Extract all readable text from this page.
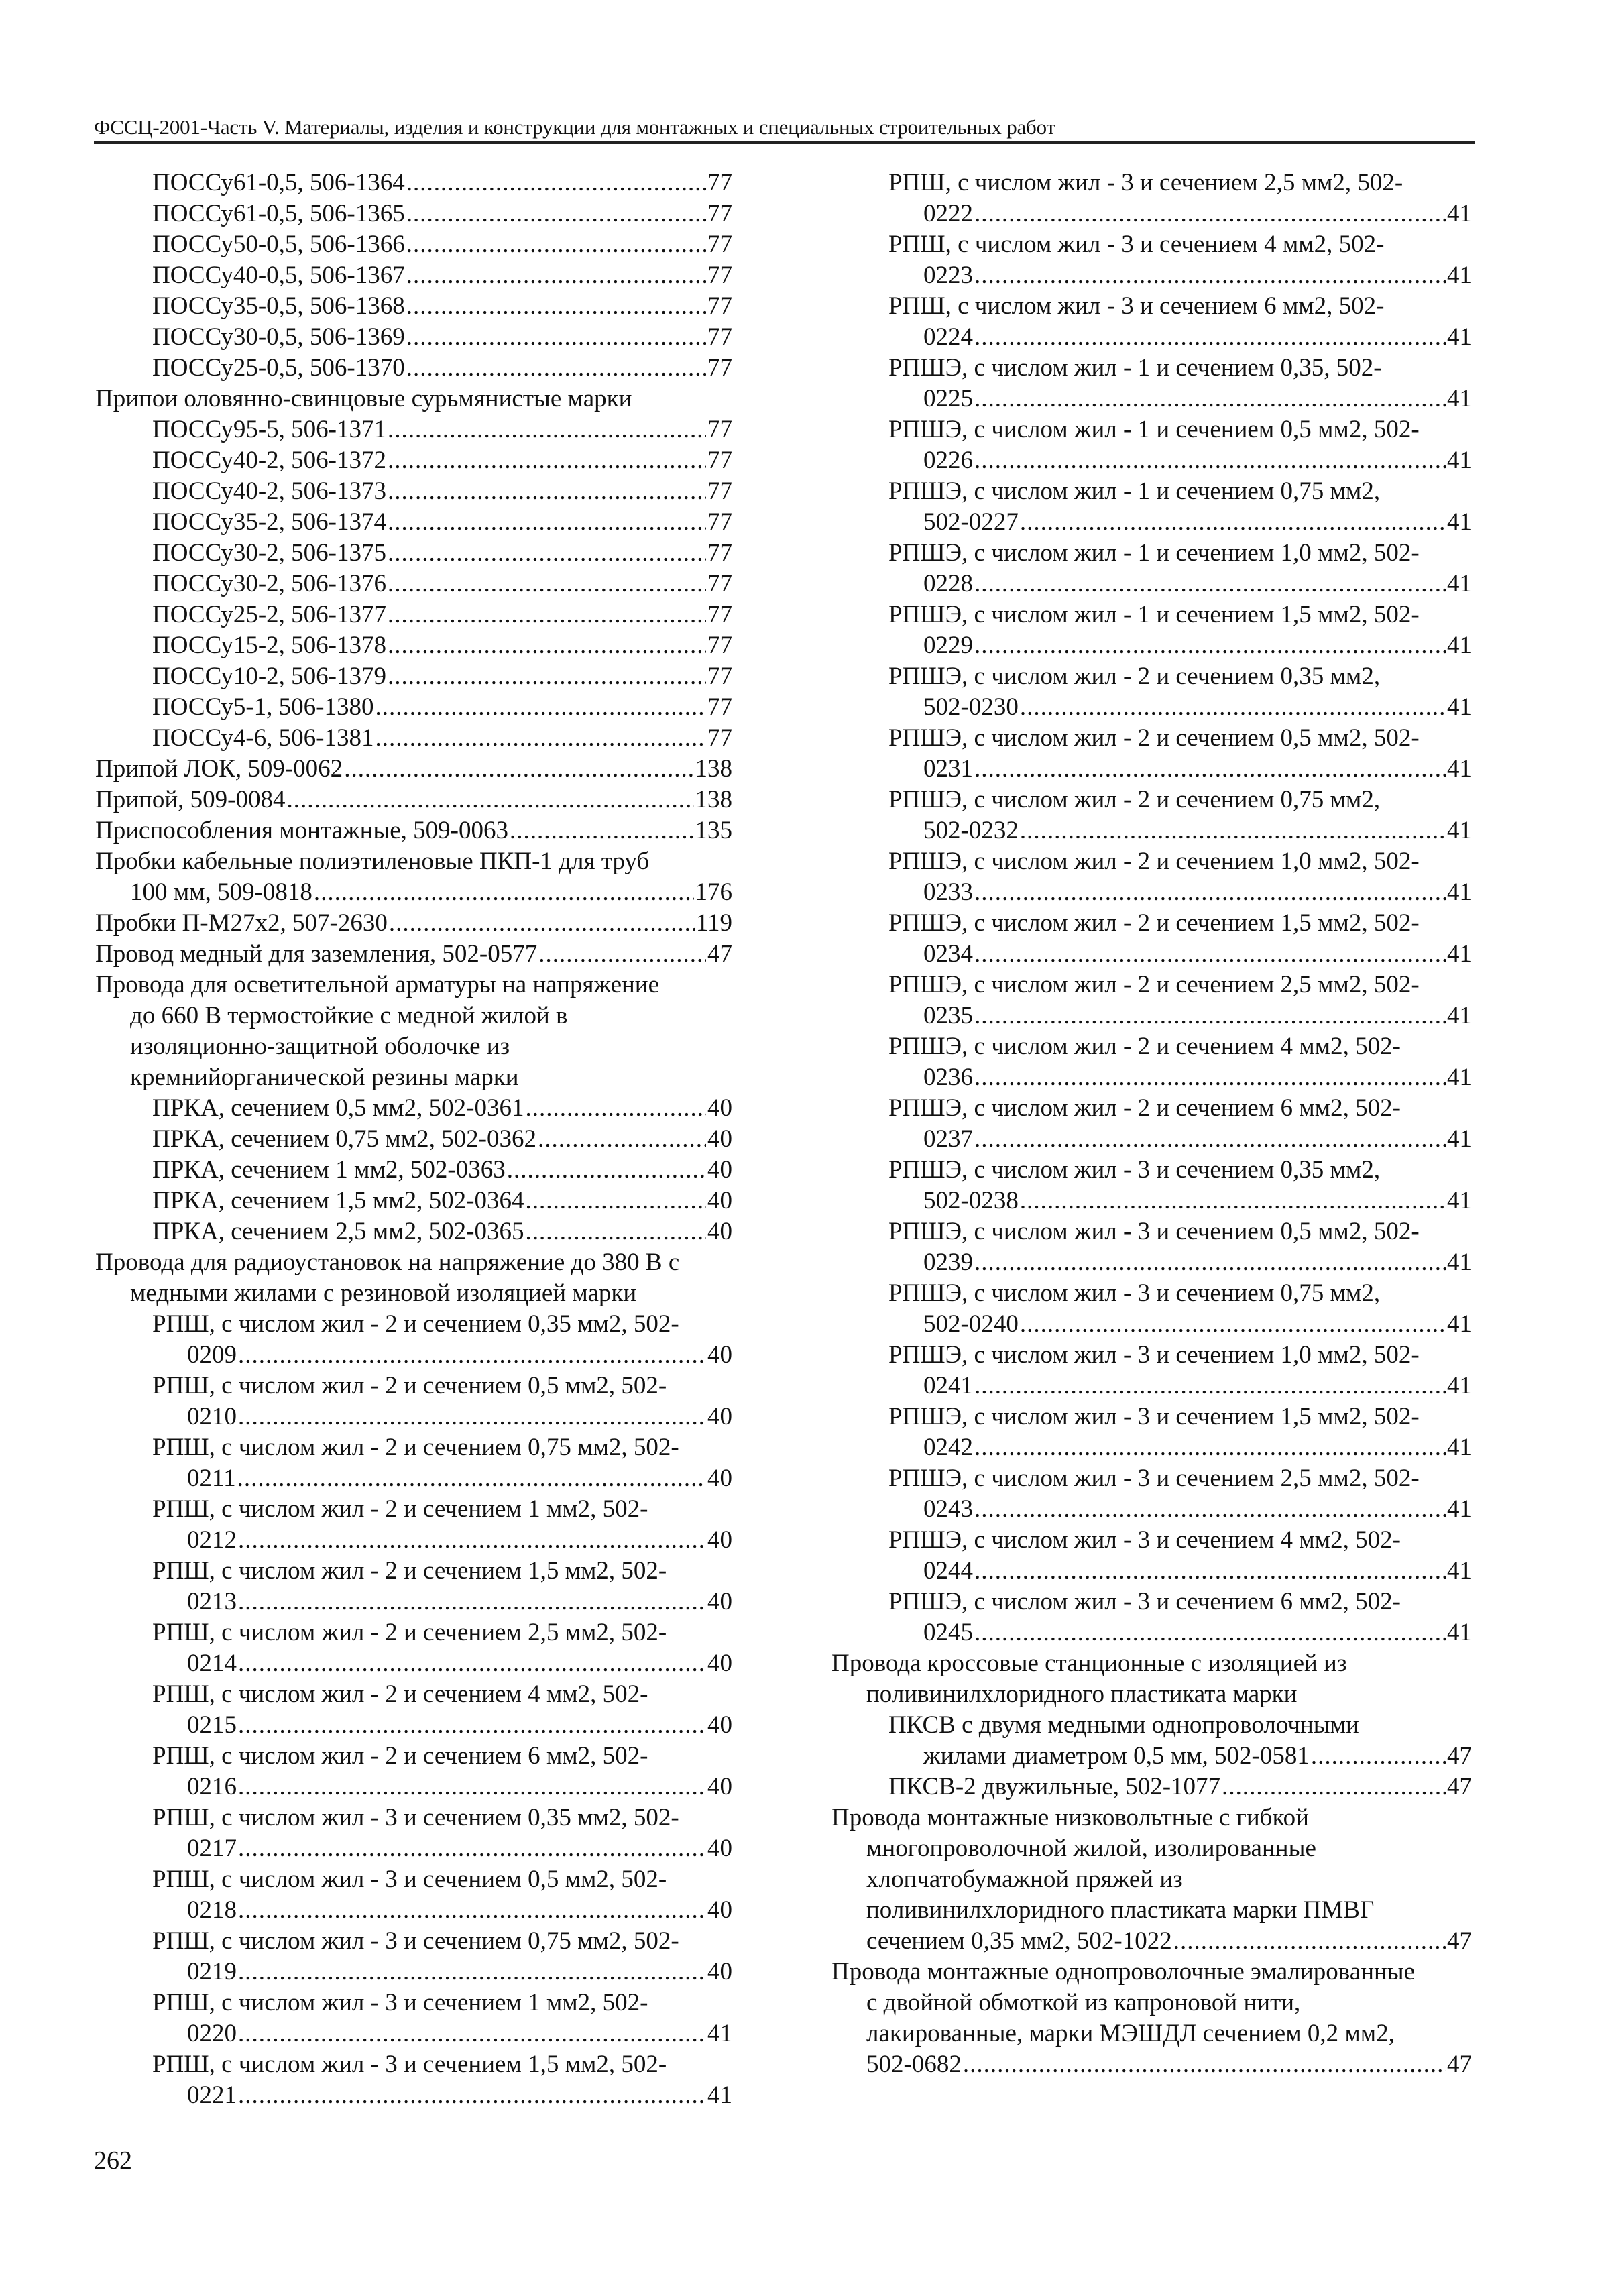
ФССЦ-2001-Часть V. Материалы, изделия и конструкции для монтажных и специальных строительных работ
ПОССу61-0,5, 506-1364 .....	77
ПОССу61-0,5, 506-1365 .....	77
ПОССу50-0,5, 506-1366 .....	77
ПОССу40-0,5, 506-1367 .....	77
ПОССу35-0,5, 506-1368 .....	77
ПОССу30-0,5, 506-1369 .....	77
ПОССу25-0,5, 506-1370 .....	77
Припои оловянно-свинцовые сурьмянистые марки
ПОССу95-5, 506-1371 .....	77
ПОССу40-2, 506-1372 .....	77
ПОССу40-2, 506-1373 .....	77
ПОССу35-2, 506-1374 .....	77
ПОССу30-2, 506-1375 .....	77
ПОССу30-2, 506-1376 .....	77
ПОССу25-2, 506-1377 .....	77
ПОССу15-2, 506-1378 .....	77
ПОССу10-2, 506-1379 .....	77
ПОССу5-1, 506-1380 .....	77
ПОССу4-6, 506-1381 .....	77
Припой ЛОК, 509-0062 .....	138
Припой, 509-0084 .....	138
Приспособления монтажные, 509-0063 .....	135
Пробки кабельные полиэтиленовые ПКП-1 для труб
100 мм, 509-0818 .....	176
Пробки П-М27х2, 507-2630 .....	119
Провод медный для заземления, 502-0577 .....	47
Провода для осветительной арматуры на напряжение
до 660 В термостойкие с медной жилой в
изоляционно-защитной оболочке из
кремнийорганической резины марки
ПРКА, сечением 0,5 мм2, 502-0361 .....	40
ПРКА, сечением 0,75 мм2, 502-0362 .....	40
ПРКА, сечением 1 мм2, 502-0363 .....	40
ПРКА, сечением 1,5 мм2, 502-0364 .....	40
ПРКА, сечением 2,5 мм2, 502-0365 .....	40
Провода для радиоустановок на напряжение до 380 В с
медными жилами с резиновой изоляцией марки
РПШ, с числом жил - 2 и сечением 0,35 мм2, 502-
0209 .....	40
РПШ, с числом жил - 2 и сечением 0,5 мм2, 502-
0210 .....	40
РПШ, с числом жил - 2 и сечением 0,75 мм2, 502-
0211 .....	40
РПШ, с числом жил - 2 и сечением 1 мм2, 502-
0212 .....	40
РПШ, с числом жил - 2 и сечением 1,5 мм2, 502-
0213 .....	40
РПШ, с числом жил - 2 и сечением 2,5 мм2, 502-
0214 .....	40
РПШ, с числом жил - 2 и сечением 4 мм2, 502-
0215 .....	40
РПШ, с числом жил - 2 и сечением 6 мм2, 502-
0216 .....	40
РПШ, с числом жил - 3 и сечением 0,35 мм2, 502-
0217 .....	40
РПШ, с числом жил - 3 и сечением 0,5 мм2, 502-
0218 .....	40
РПШ, с числом жил - 3 и сечением 0,75 мм2, 502-
0219 .....	40
РПШ, с числом жил - 3 и сечением 1 мм2, 502-
0220 .....	41
РПШ, с числом жил - 3 и сечением 1,5 мм2, 502-
0221 .....	41
РПШ, с числом жил - 3 и сечением 2,5 мм2, 502-
0222 .....	41
РПШ, с числом жил - 3 и сечением 4 мм2, 502-
0223 .....	41
РПШ, с числом жил - 3 и сечением 6 мм2, 502-
0224 .....	41
РПШЭ, с числом жил - 1 и сечением 0,35, 502-
0225 .....	41
РПШЭ, с числом жил - 1 и сечением 0,5 мм2, 502-
0226 .....	41
РПШЭ, с числом жил - 1 и сечением 0,75 мм2,
502-0227 .....	41
РПШЭ, с числом жил - 1 и сечением 1,0 мм2, 502-
0228 .....	41
РПШЭ, с числом жил - 1 и сечением 1,5 мм2, 502-
0229 .....	41
РПШЭ, с числом жил - 2 и сечением 0,35 мм2,
502-0230 .....	41
РПШЭ, с числом жил - 2 и сечением 0,5 мм2, 502-
0231 .....	41
РПШЭ, с числом жил - 2 и сечением 0,75 мм2,
502-0232 .....	41
РПШЭ, с числом жил - 2 и сечением 1,0 мм2, 502-
0233 .....	41
РПШЭ, с числом жил - 2 и сечением 1,5 мм2, 502-
0234 .....	41
РПШЭ, с числом жил - 2 и сечением 2,5 мм2, 502-
0235 .....	41
РПШЭ, с числом жил - 2 и сечением 4 мм2, 502-
0236 .....	41
РПШЭ, с числом жил - 2 и сечением 6 мм2, 502-
0237 .....	41
РПШЭ, с числом жил - 3 и сечением 0,35 мм2,
502-0238 .....	41
РПШЭ, с числом жил - 3 и сечением 0,5 мм2, 502-
0239 .....	41
РПШЭ, с числом жил - 3 и сечением 0,75 мм2,
502-0240 .....	41
РПШЭ, с числом жил - 3 и сечением 1,0 мм2, 502-
0241 .....	41
РПШЭ, с числом жил - 3 и сечением 1,5 мм2, 502-
0242 .....	41
РПШЭ, с числом жил - 3 и сечением 2,5 мм2, 502-
0243 .....	41
РПШЭ, с числом жил - 3 и сечением 4 мм2, 502-
0244 .....	41
РПШЭ, с числом жил - 3 и сечением 6 мм2, 502-
0245 .....	41
Провода кроссовые станционные с изоляцией из
поливинилхлоридного пластиката марки
ПКСВ с двумя медными однопроволочными
жилами диаметром 0,5 мм, 502-0581 .....	47
ПКСВ-2 двужильные, 502-1077 .....	47
Провода монтажные низковольтные с гибкой
многопроволочной жилой, изолированные
хлопчатобумажной пряжей из
поливинилхлоридного пластиката марки ПМВГ
сечением 0,35 мм2, 502-1022 .....	47
Провода монтажные однопроволочные эмалированные
с двойной обмоткой из капроновой нити,
лакированные, марки МЭШДЛ сечением 0,2 мм2,
502-0682 .....	47
262
